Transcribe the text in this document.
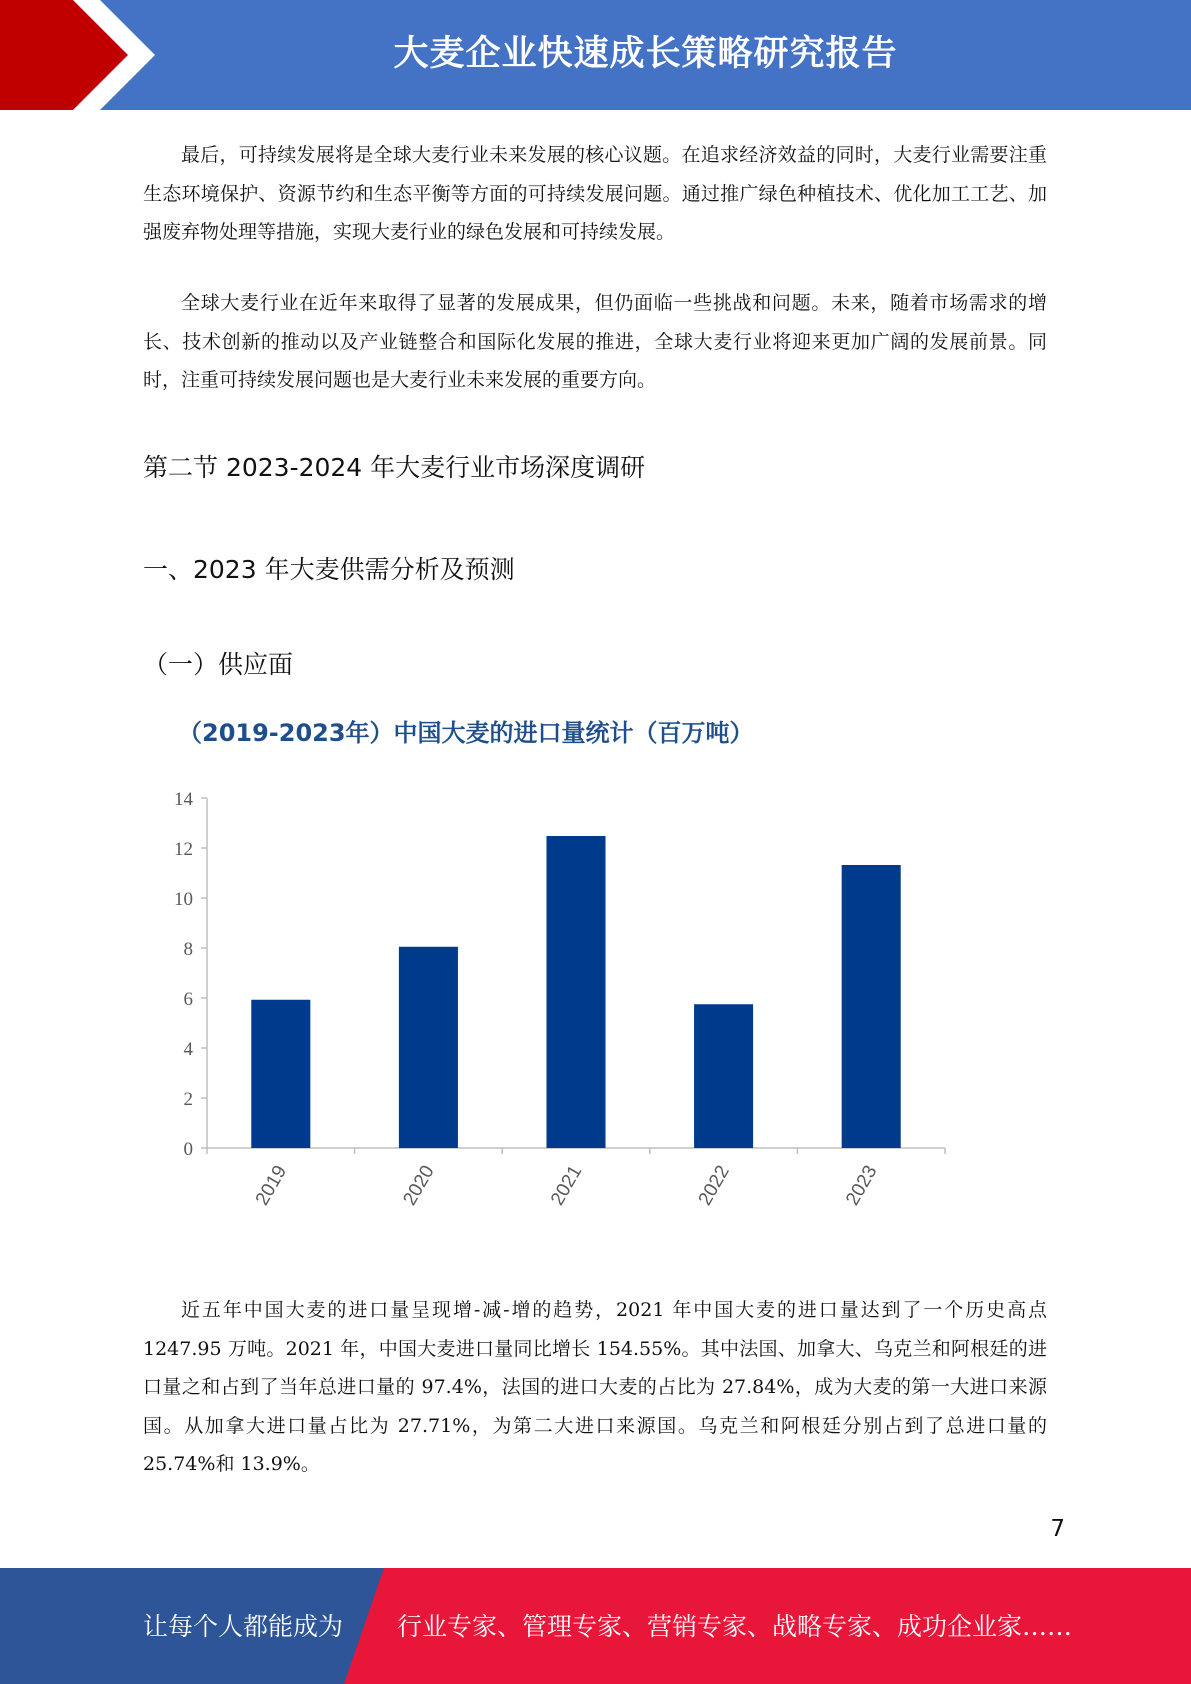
大麦企业快速成长策略研究报告

最后，可持续发展将是全球大麦行业未来发展的核心议题。在追求经济效益的同时，大麦行业需要注重生态环境保护、资源节约和生态平衡等方面的可持续发展问题。通过推广绿色种植技术、优化加工工艺、加强废弃物处理等措施，实现大麦行业的绿色发展和可持续发展。

全球大麦行业在近年来取得了显著的发展成果，但仍面临一些挑战和问题。未来，随着市场需求的增长、技术创新的推动以及产业链整合和国际化发展的推进，全球大麦行业将迎来更加广阔的发展前景。同时，注重可持续发展问题也是大麦行业未来发展的重要方向。

第二节 2023-2024 年大麦行业市场深度调研
一、2023 年大麦供需分析及预测
（一）供应面
（2019-2023年）中国大麦的进口量统计（百万吨）
0
2
4
6
8
10
12
14
2019	2020	2021	2022	2023

近五年中国大麦的进口量呈现增-减-增的趋势，2021 年中国大麦的进口量达到了一个历史高点 1247.95 万吨。2021 年，中国大麦进口量同比增长 154.55%。其中法国、加拿大、乌克兰和阿根廷的进口量之和占到了当年总进口量的 97.4%，法国的进口大麦的占比为 27.84%，成为大麦的第一大进口来源国。从加拿大进口量占比为 27.71%，为第二大进口来源国。乌克兰和阿根廷分别占到了总进口量的 25.74%和 13.9%。

7
让每个人都能成为 行业专家、管理专家、营销专家、战略专家、成功企业家……
